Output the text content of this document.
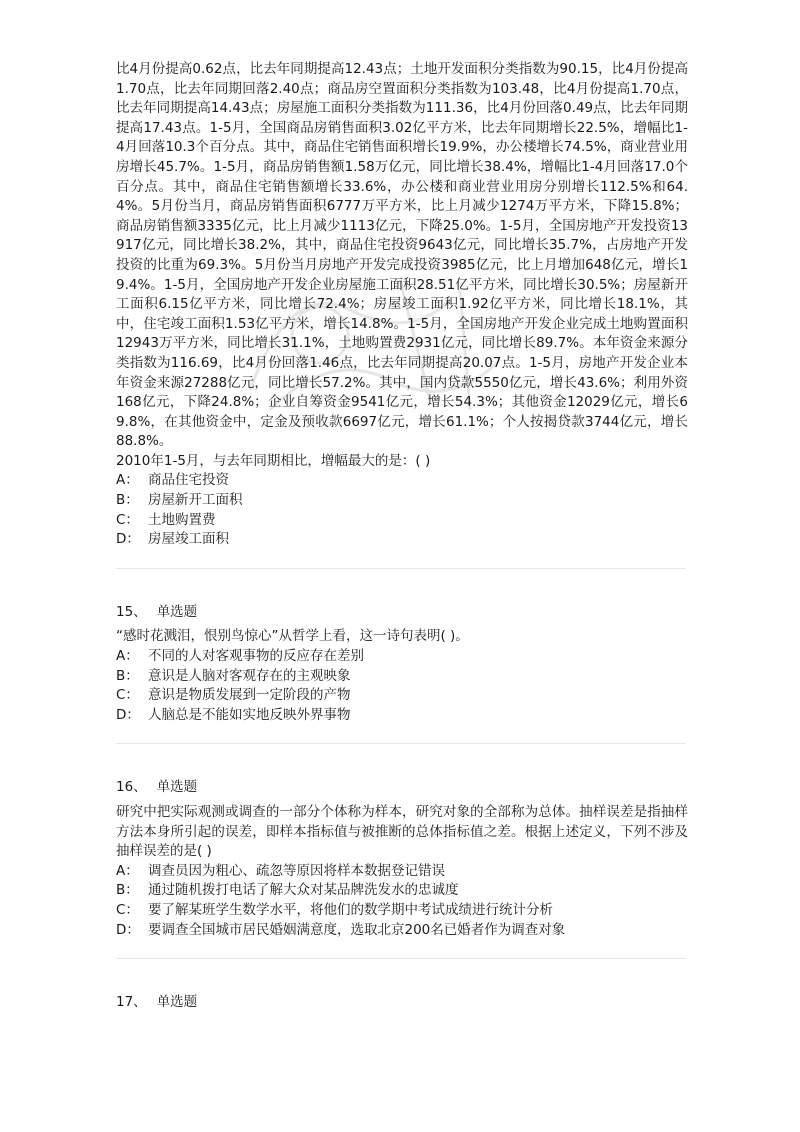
比4月份提高0.62点，比去年同期提高12.43点；土地开发面积分类指数为90.15，比4月份提高1.70点，比去年同期回落2.40点；商品房空置面积分类指数为103.48，比4月份提高1.70点，比去年同期提高14.43点；房屋施工面积分类指数为111.36，比4月份回落0.49点，比去年同期提高17.43点。1-5月，全国商品房销售面积3.02亿平方米，比去年同期增长22.5%，增幅比1-4月回落10.3个百分点。其中，商品住宅销售面积增长19.9%，办公楼增长74.5%，商业营业用房增长45.7%。1-5月，商品房销售额1.58万亿元，同比增长38.4%，增幅比1-4月回落17.0个百分点。其中，商品住宅销售额增长33.6%，办公楼和商业营业用房分别增长112.5%和64.4%。5月份当月，商品房销售面积6777万平方米，比上月减少1274万平方米，下降15.8%；商品房销售额3335亿元，比上月减少1113亿元，下降25.0%。1-5月，全国房地产开发投资13917亿元，同比增长38.2%，其中，商品住宅投资9643亿元，同比增长35.7%，占房地产开发投资的比重为69.3%。5月份当月房地产开发完成投资3985亿元，比上月增加648亿元，增长19.4%。1-5月，全国房地产开发企业房屋施工面积28.51亿平方米，同比增长30.5%；房屋新开工面积6.15亿平方米，同比增长72.4%；房屋竣工面积1.92亿平方米，同比增长18.1%，其中，住宅竣工面积1.53亿平方米，增长14.8%。1-5月，全国房地产开发企业完成土地购置面积12943万平方米，同比增长31.1%，土地购置费2931亿元，同比增长89.7%。本年资金来源分类指数为116.69，比4月份回落1.46点，比去年同期提高20.07点。1-5月，房地产开发企业本年资金来源27288亿元，同比增长57.2%。其中，国内贷款5550亿元，增长43.6%；利用外资168亿元，下降24.8%；企业自筹资金9541亿元，增长54.3%；其他资金12029亿元，增长69.8%，在其他资金中，定金及预收款6697亿元，增长61.1%；个人按揭贷款3744亿元，增长88.8%。

2010年1-5月，与去年同期相比，增幅最大的是：( )

A： 商品住宅投资

B： 房屋新开工面积

C： 土地购置费

D： 房屋竣工面积

15、 单选题

“感时花溅泪，恨别鸟惊心”从哲学上看，这一诗句表明( )。

A： 不同的人对客观事物的反应存在差别

B： 意识是人脑对客观存在的主观映象

C： 意识是物质发展到一定阶段的产物

D： 人脑总是不能如实地反映外界事物

16、 单选题

研究中把实际观测或调查的一部分个体称为样本，研究对象的全部称为总体。抽样误差是指抽样方法本身所引起的误差，即样本指标值与被推断的总体指标值之差。根据上述定义，下列不涉及抽样误差的是( )

A： 调查员因为粗心、疏忽等原因将样本数据登记错误

B： 通过随机拨打电话了解大众对某品牌洗发水的忠诚度

C： 要了解某班学生数学水平，将他们的数学期中考试成绩进行统计分析

D： 要调查全国城市居民婚姻满意度，选取北京200名已婚者作为调查对象

17、 单选题
